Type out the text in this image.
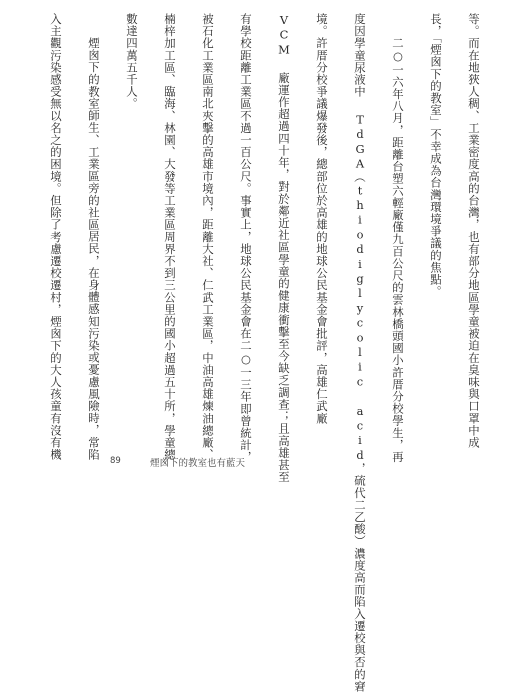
等。而在地狹人稠、工業密度高的台灣，也有部分地區學童被迫在臭味與口罩中成

長，「煙囪下的教室」不幸成為台灣環境爭議的焦點。

二○一六年八月，距離台塑六輕廠僅九百公尺的雲林橋頭國小許厝分校學生，再

度因學童尿液中 TdGA（thiodiglycolic acid，硫代二乙酸）濃度高而陷入遷校與否的窘

境。許厝分校爭議爆發後，總部位於高雄的地球公民基金會批評，高雄仁武廠

VCM 廠運作超過四十年，對於鄰近社區學童的健康衝擊至今缺乏調查；且高雄甚至

有學校距離工業區不過一百公尺。事實上，地球公民基金會在二○一三年即曾統計，

被石化工業區南北夾擊的高雄市境內，距離大社、仁武工業區，中油高雄煉油總廠、

楠梓加工區、臨海、林園、大發等工業區周界不到三公里的國小超過五十所，學童總

數達四萬五千人。

煙囪下的教室師生、工業區旁的社區居民，在身體感知污染或憂慮風險時，常陷

入主觀污染感受無以名之的困境。但除了考慮遷校遷村，煙囪下的大人孩童有沒有機

89	煙囪下的教室也有藍天
